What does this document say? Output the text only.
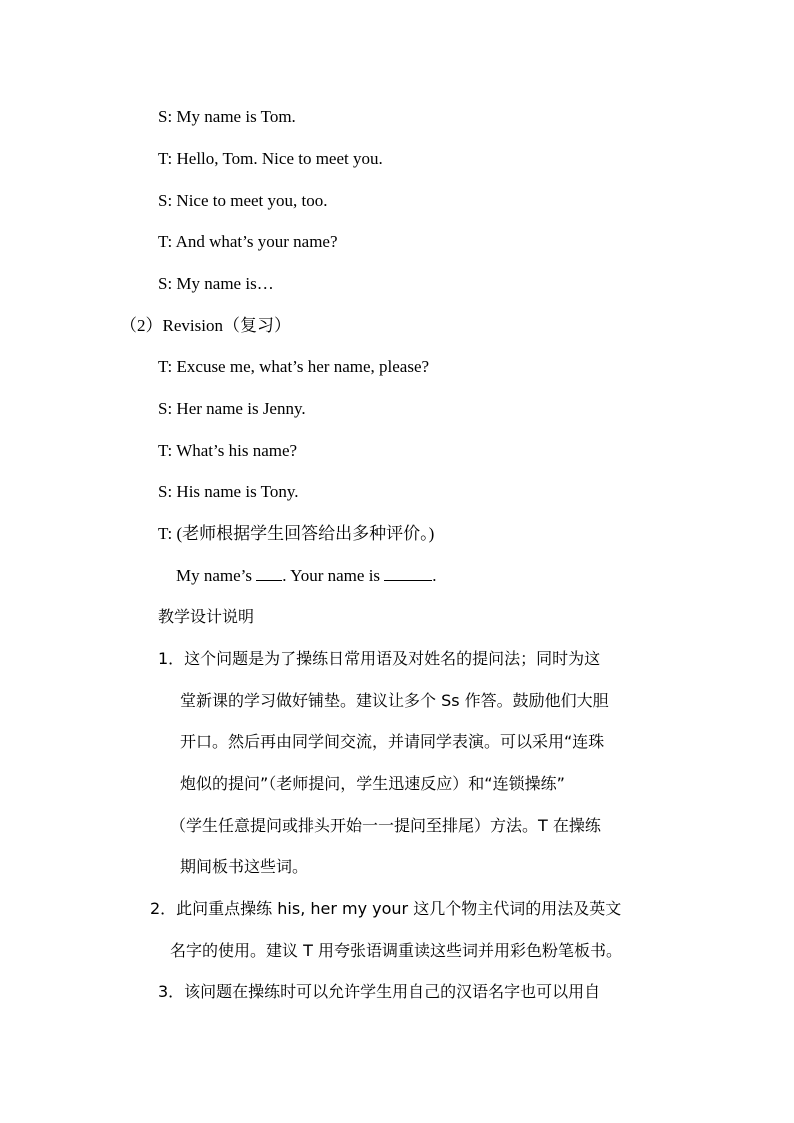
S: My name is Tom.

T: Hello, Tom. Nice to meet you.

S: Nice to meet you, too.

T: And what’s your name?

S: My name is…

（2）Revision（复习）

T: Excuse me, what’s her name, please?

S: Her name is Jenny.

T: What’s his name?

S: His name is Tony.

T: (老师根据学生回答给出多种评价。)

My name’s . Your name is	.

教学设计说明

1．这个问题是为了操练日常用语及对姓名的提问法；同时为这

堂新课的学习做好铺垫。建议让多个 Ss 作答。鼓励他们大胆

开口。然后再由同学间交流，并请同学表演。可以采用“连珠

炮似的提问”（老师提问，学生迅速反应）和“连锁操练”

（学生任意提问或排头开始一一提问至排尾）方法。T 在操练

期间板书这些词。

2．此问重点操练 his, her my your 这几个物主代词的用法及英文

名字的使用。建议 T 用夸张语调重读这些词并用彩色粉笔板书。

3．该问题在操练时可以允许学生用自己的汉语名字也可以用自
